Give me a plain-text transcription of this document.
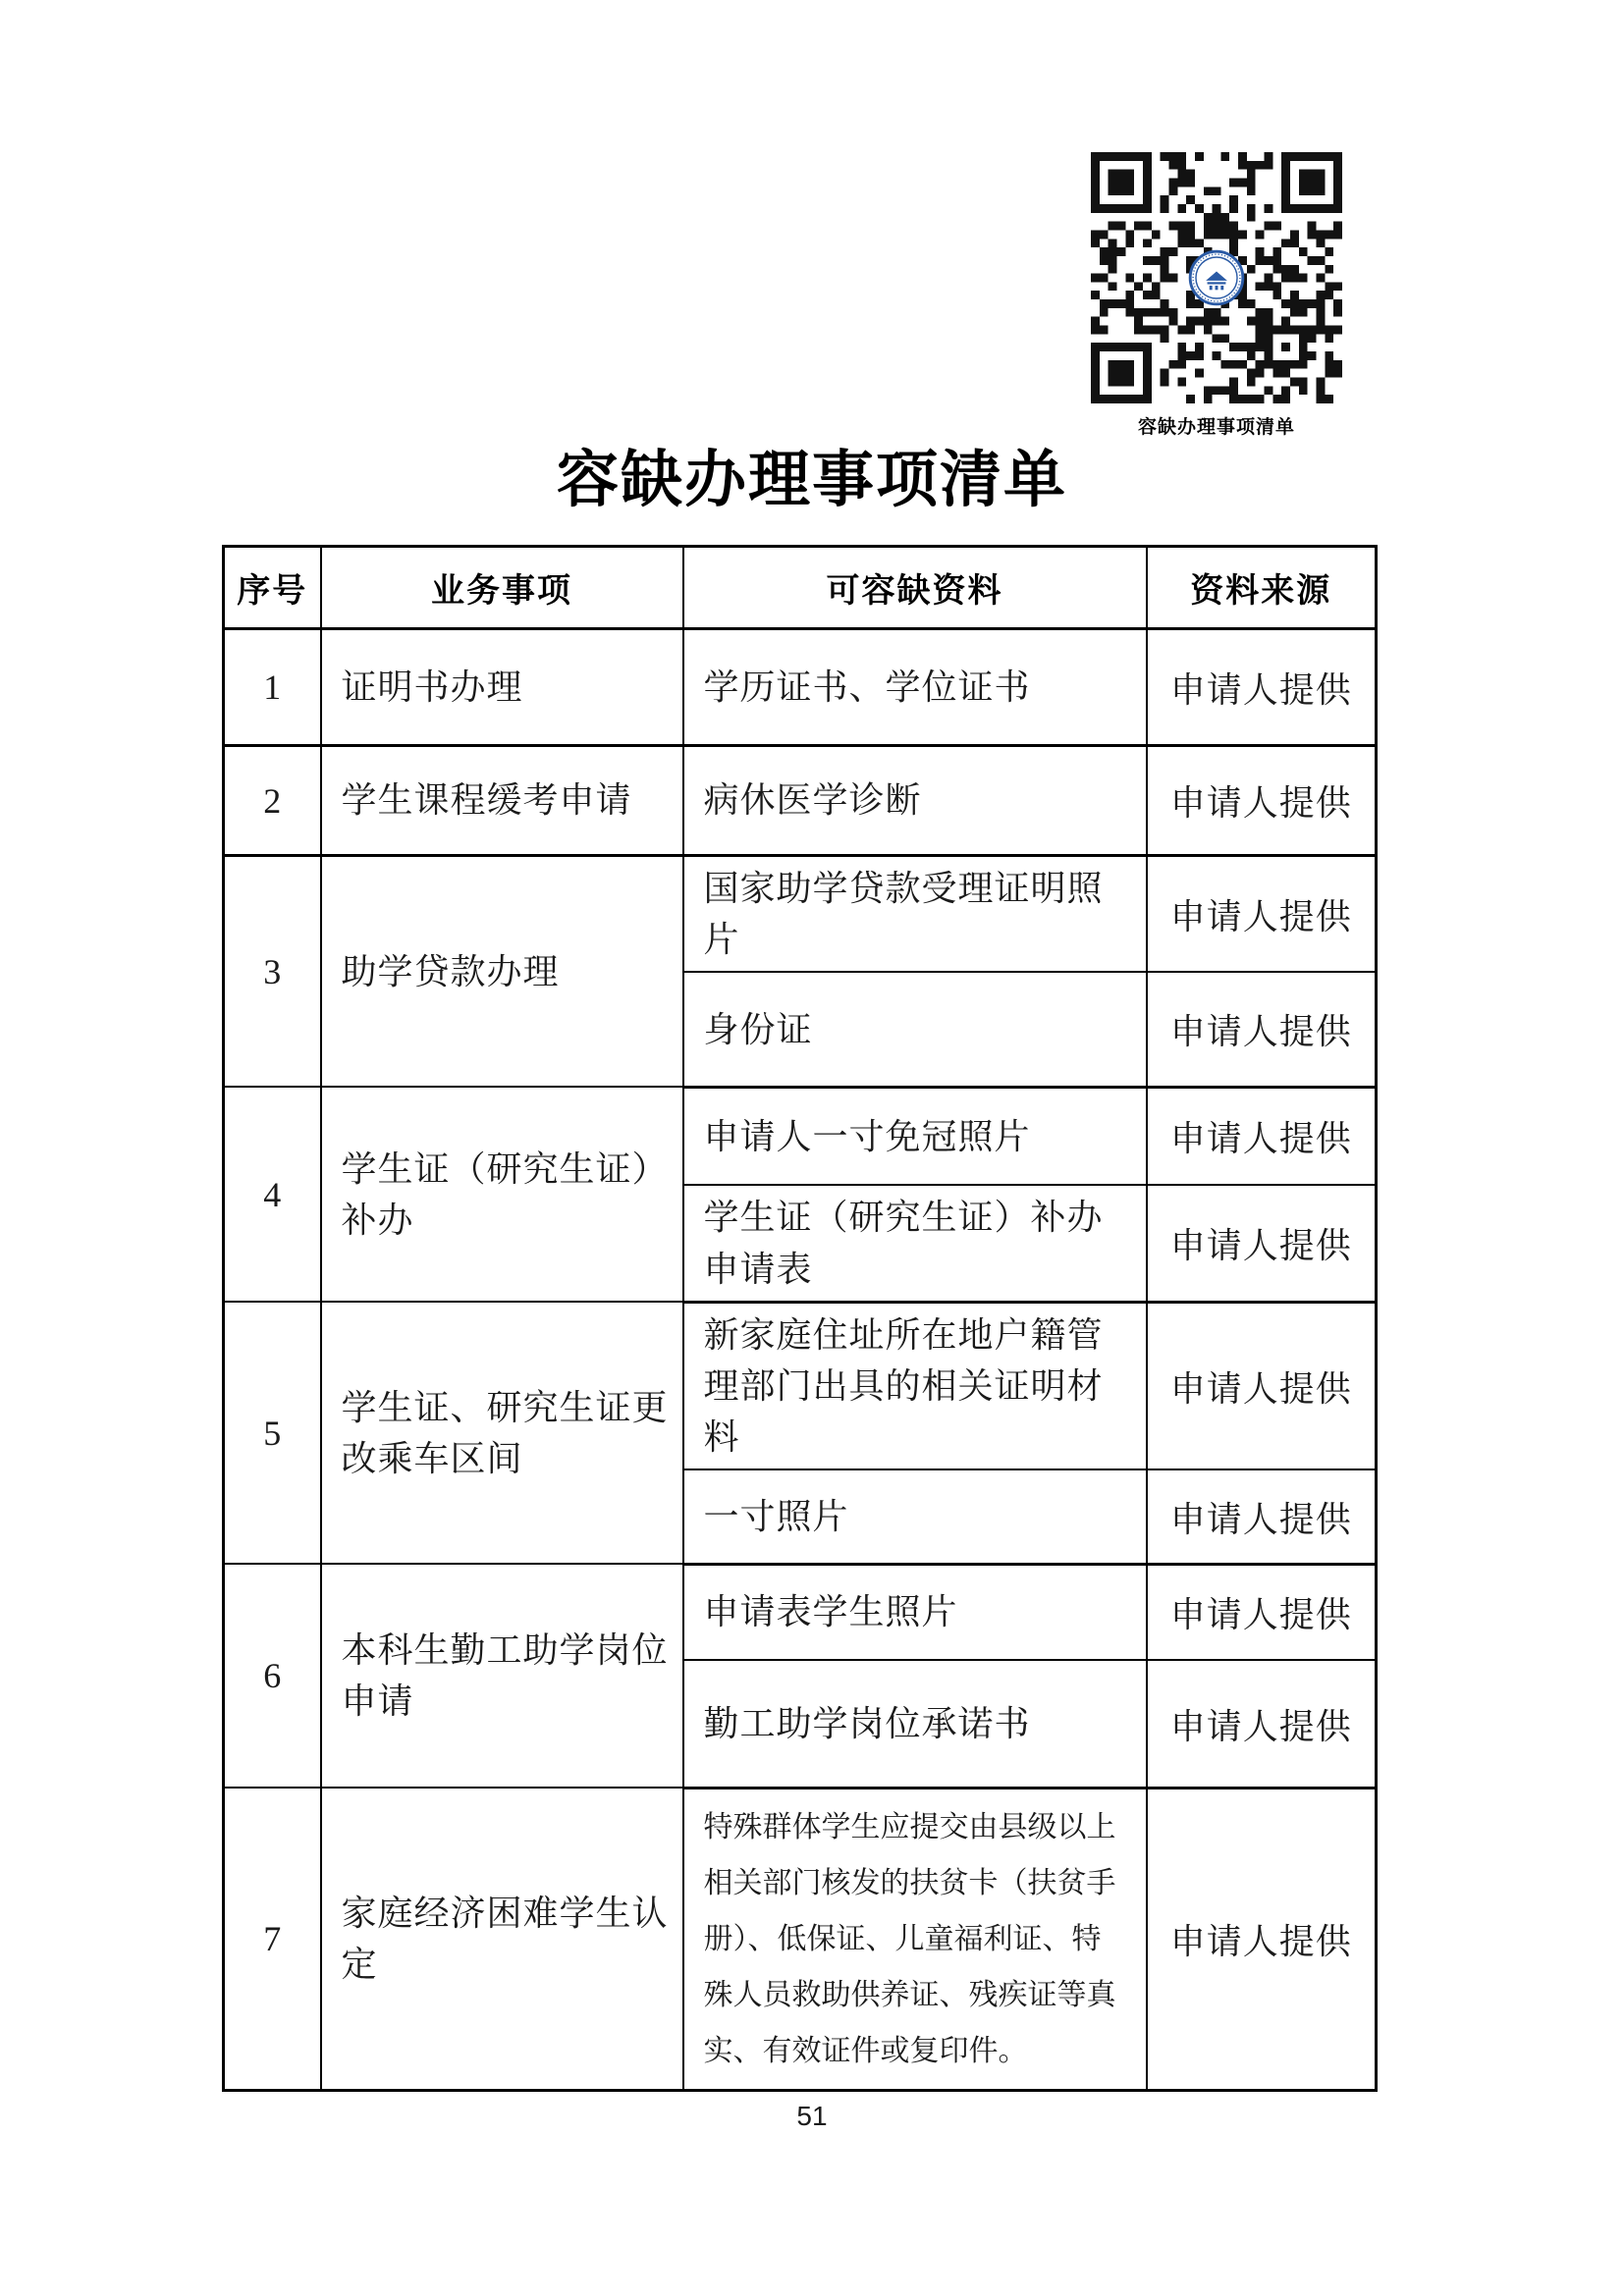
容缺办理事项清单
容缺办理事项清单
序号	业务事项	可容缺资料	资料来源
1	证明书办理	学历证书、学位证书	申请人提供
2	学生课程缓考申请	病休医学诊断	申请人提供
3	助学贷款办理	国家助学贷款受理证明照片	申请人提供
		身份证	申请人提供
4	学生证（研究生证）补办	申请人一寸免冠照片	申请人提供
		学生证（研究生证）补办申请表	申请人提供
5	学生证、研究生证更改乘车区间	新家庭住址所在地户籍管理部门出具的相关证明材料	申请人提供
		一寸照片	申请人提供
6	本科生勤工助学岗位申请	申请表学生照片	申请人提供
		勤工助学岗位承诺书	申请人提供
7	家庭经济困难学生认定	特殊群体学生应提交由县级以上相关部门核发的扶贫卡（扶贫手册）、低保证、儿童福利证、特殊人员救助供养证、残疾证等真实、有效证件或复印件。	申请人提供
51
